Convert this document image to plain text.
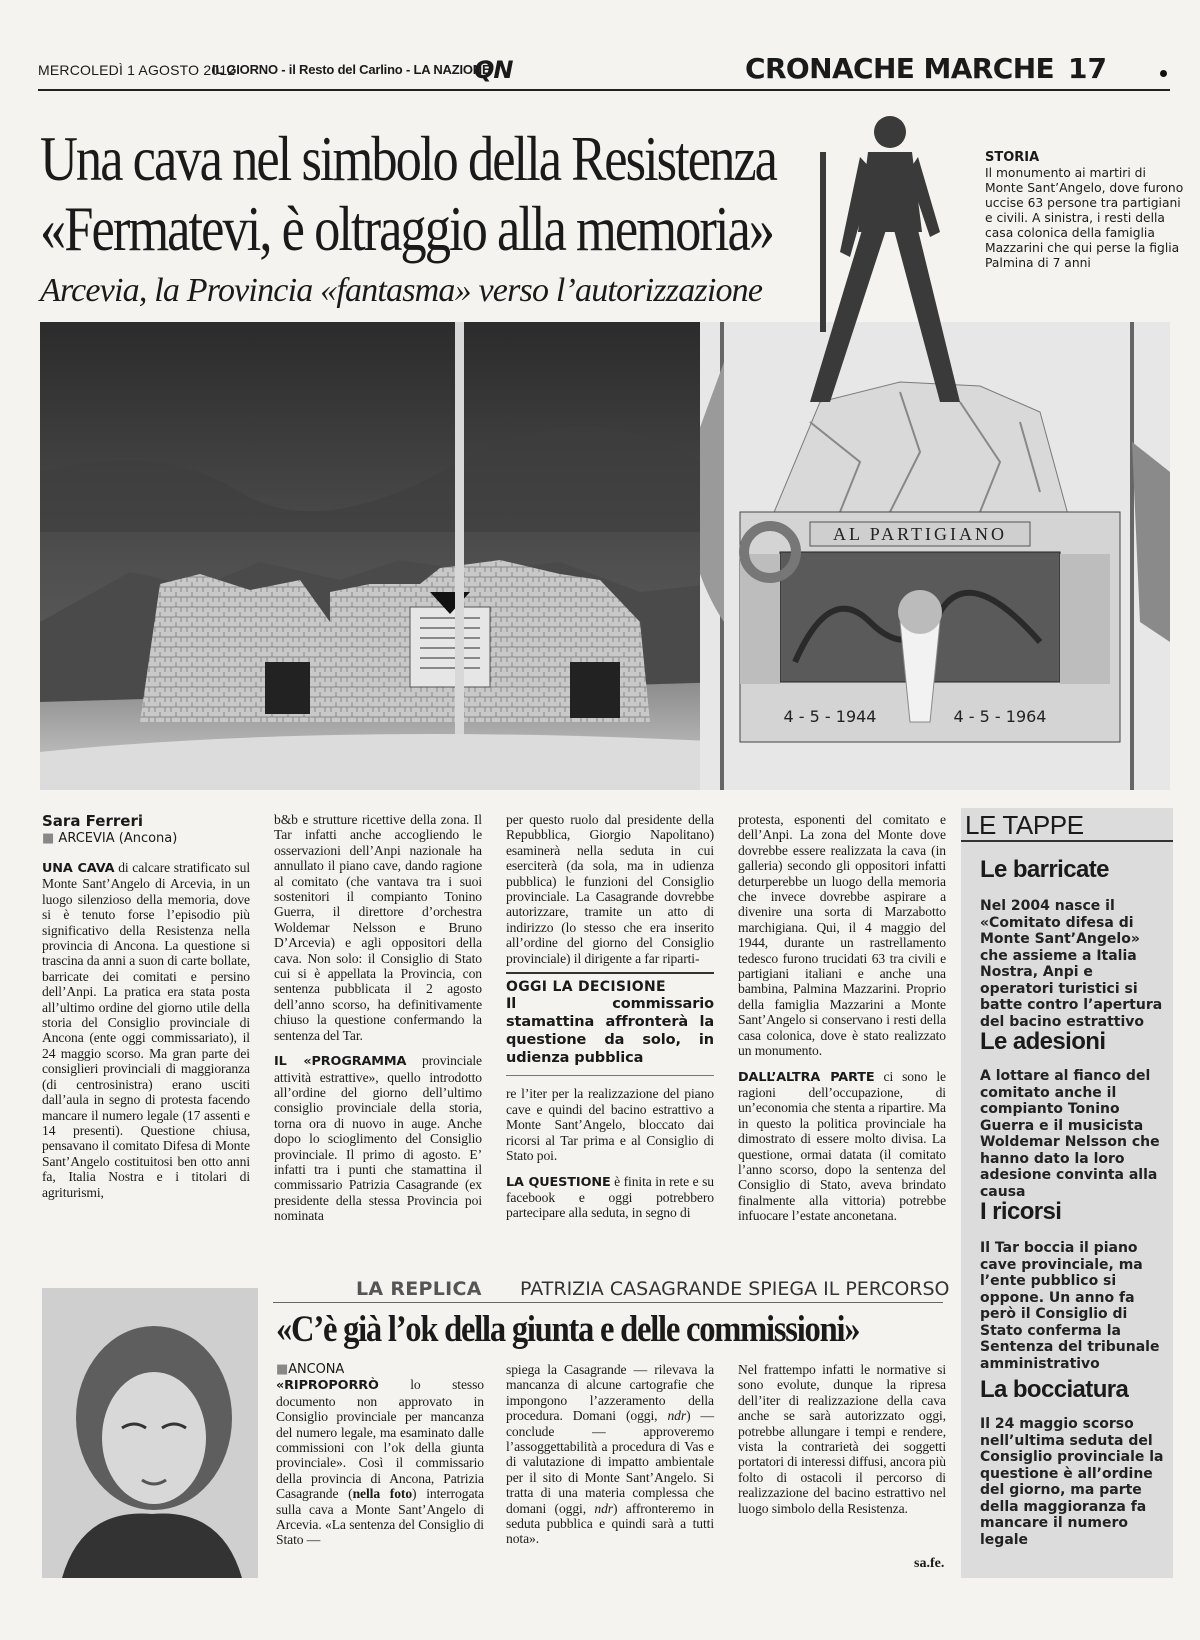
MERCOLEDÌ 1 AGOSTO 2012
IL GIORNO - il Resto del Carlino - LA NAZIONE
QN	CRONACHE MARCHE 17
Una cava nel simbolo della Resistenza
«Fermatevi, è oltraggio alla memoria»
Arcevia, la Provincia «fantasma» verso l’autorizzazione
AL PARTIGIANO
4 - 5 - 1944	4 - 5 - 1964
STORIA
Il monumento ai martiri di Monte Sant’Angelo, dove furono uccise 63 persone tra partigiani e civili. A sinistra, i resti della casa colonica della famiglia Mazzarini che qui perse la figlia Palmina di 7 anni
Sara Ferreri
■ ARCEVIA (Ancona)
UNA CAVA di calcare stratificato sul Monte Sant’Angelo di Arcevia, in un luogo silenzioso della memoria, dove si è tenuto forse l’episodio più significativo della Resistenza nella provincia di Ancona. La questione si trascina da anni a suon di carte bollate, barricate dei comitati e persino dell’Anpi. La pratica era stata posta all’ultimo ordine del giorno utile della storia del Consiglio provinciale di Ancona (ente oggi commissariato), il 24 maggio scorso. Ma gran parte dei consiglieri provinciali di maggioranza (di centrosinistra) erano usciti dall’aula in segno di protesta facendo mancare il numero legale (17 assenti e 14 presenti). Questione chiusa, pensavano il comitato Difesa di Monte Sant’Angelo costituitosi ben otto anni fa, Italia Nostra e i titolari di agriturismi,
b&b e strutture ricettive della zona. Il Tar infatti anche accogliendo le osservazioni dell’Anpi nazionale ha annullato il piano cave, dando ragione al comitato (che vantava tra i suoi sostenitori il compianto Tonino Guerra, il direttore d’orchestra Woldemar Nelsson e Bruno D’Arcevia) e agli oppositori della cava. Non solo: il Consiglio di Stato cui si è appellata la Provincia, con sentenza pubblicata il 2 agosto dell’anno scorso, ha definitivamente chiuso la questione confermando la sentenza del Tar.
IL «PROGRAMMA provinciale attività estrattive», quello introdotto all’ordine del giorno dell’ultimo consiglio provinciale della storia, torna ora di nuovo in auge. Anche dopo lo scioglimento del Consiglio provinciale. Il primo di agosto. E’ infatti tra i punti che stamattina il commissario Patrizia Casagrande (ex presidente della stessa Provincia poi nominata
per questo ruolo dal presidente della Repubblica, Giorgio Napolitano) esaminerà nella seduta in cui eserciterà (da sola, ma in udienza pubblica) le funzioni del Consiglio provinciale. La Casagrande dovrebbe autorizzare, tramite un atto di indirizzo (lo stesso che era inserito all’ordine del giorno del Consiglio provinciale) il dirigente a far riparti-
OGGI LA DECISIONE
Il commissario stamattina affronterà la questione da solo, in udienza pubblica
re l’iter per la realizzazione del piano cave e quindi del bacino estrattivo a Monte Sant’Angelo, bloccato dai ricorsi al Tar prima e al Consiglio di Stato poi.
LA QUESTIONE è finita in rete e su facebook e oggi potrebbero partecipare alla seduta, in segno di
protesta, esponenti del comitato e dell’Anpi. La zona del Monte dove dovrebbe essere realizzata la cava (in galleria) secondo gli oppositori infatti deturperebbe un luogo della memoria che invece dovrebbe aspirare a divenire una sorta di Marzabotto marchigiana. Qui, il 4 maggio del 1944, durante un rastrellamento tedesco furono trucidati 63 tra civili e partigiani italiani e anche una bambina, Palmina Mazzarini. Proprio della famiglia Mazzarini a Monte Sant’Angelo si conservano i resti della casa colonica, dove è stato realizzato un monumento.
DALL’ALTRA PARTE ci sono le ragioni dell’occupazione, di un’economia che stenta a ripartire. Ma in questo la politica provinciale ha dimostrato di essere molto divisa. La questione, ormai datata (il comitato l’anno scorso, dopo la sentenza del Consiglio di Stato, aveva brindato finalmente alla vittoria) potrebbe infuocare l’estate anconetana.
LE TAPPE
Le barricate
Nel 2004 nasce il «Comitato difesa di Monte Sant’Angelo» che assieme a Italia Nostra, Anpi e operatori turistici si batte contro l’apertura del bacino estrattivo
Le adesioni
A lottare al fianco del comitato anche il compianto Tonino Guerra e il musicista Woldemar Nelsson che hanno dato la loro adesione convinta alla causa
I ricorsi
Il Tar boccia il piano cave provinciale, ma l’ente pubblico si oppone. Un anno fa però il Consiglio di Stato conferma la Sentenza del tribunale amministrativo
La bocciatura
Il 24 maggio scorso nell’ultima seduta del Consiglio provinciale la questione è all’ordine del giorno, ma parte della maggioranza fa mancare il numero legale
LA REPLICA PATRIZIA CASAGRANDE SPIEGA IL PERCORSO
«C’è già l’ok della giunta e delle commissioni»
■ANCONA
«RIPROPORRÒ lo stesso documento non approvato in Consiglio provinciale per mancanza del numero legale, ma esaminato dalle commissioni con l’ok della giunta provinciale». Così il commissario della provincia di Ancona, Patrizia Casagrande (nella foto) interrogata sulla cava a Monte Sant’Angelo di Arcevia. «La sentenza del Consiglio di Stato —
spiega la Casagrande — rilevava la mancanza di alcune cartografie che impongono l’azzeramento della procedura. Domani (oggi, ndr) — conclude — approveremo l’assoggettabilità a procedura di Vas e di valutazione di impatto ambientale per il sito di Monte Sant’Angelo. Si tratta di una materia complessa che domani (oggi, ndr) affronteremo in seduta pubblica e quindi sarà a tutti nota».
Nel frattempo infatti le normative si sono evolute, dunque la ripresa dell’iter di realizzazione della cava anche se sarà autorizzato oggi, potrebbe allungare i tempi e rendere, vista la contrarietà dei soggetti portatori di interessi diffusi, ancora più folto di ostacoli il percorso di realizzazione del bacino estrattivo nel luogo simbolo della Resistenza.
sa.fe.
